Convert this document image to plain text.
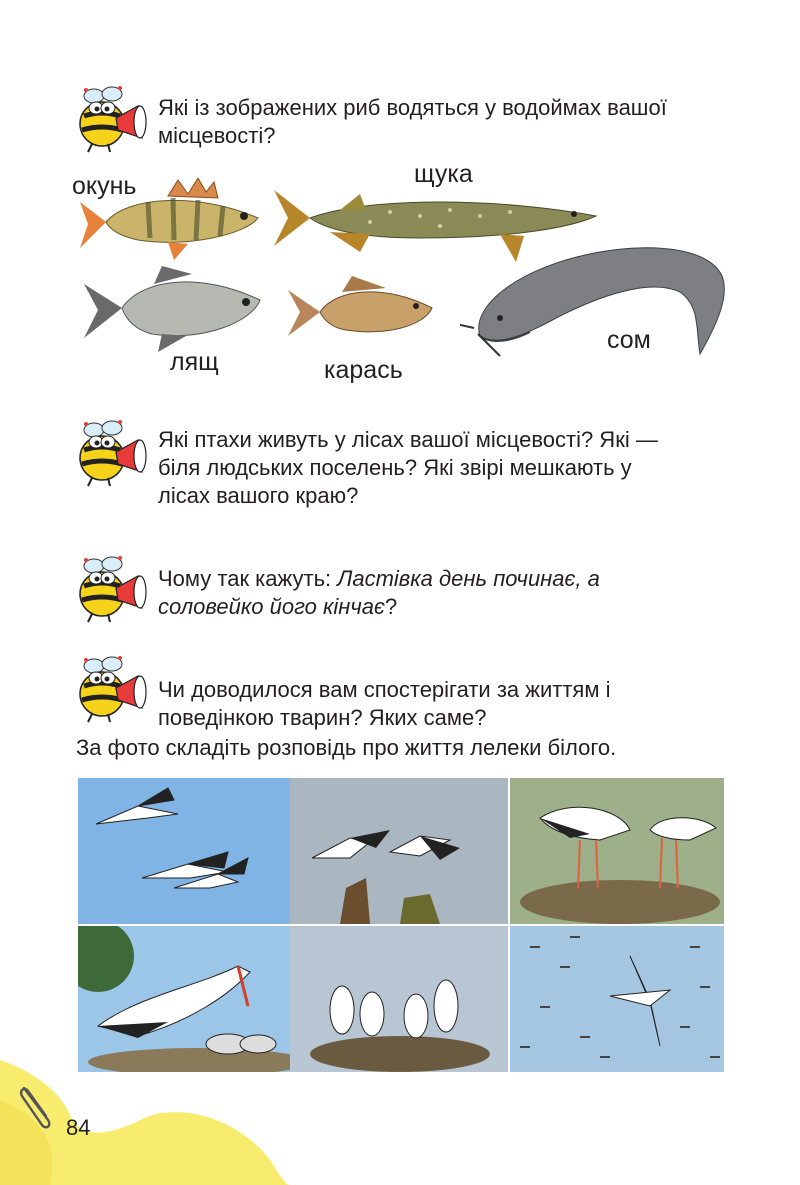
84
Які із зображених риб водяться у водоймах вашої
місцевості?
окунь	щука
сом
лящ	карась
Які птахи живуть у лісах вашої місцевості? Які —
біля людських поселень? Які звірі мешкають у
лісах вашого краю?
Чому так кажуть: Ластівка день починає, а
соловейко його кінчає?
Чи доводилося вам спостерігати за життям і
поведінкою тварин? Яких саме?
За фото складіть розповідь про життя лелеки білого.
